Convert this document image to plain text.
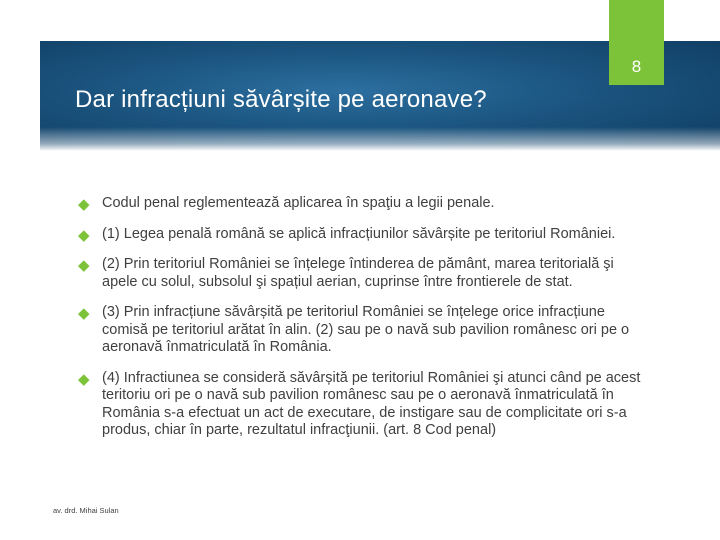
8
Dar infracțiuni săvârșite pe aeronave?
◆ Codul penal reglementează aplicarea în spaţiu a legii penale.
◆ (1) Legea penală română se aplică infracțiunilor săvârșite pe teritoriul României.
◆ (2) Prin teritoriul României se înțelege întinderea de pământ, marea teritorială şi apele cu solul, subsolul şi spațiul aerian, cuprinse între frontierele de stat.
◆ (3) Prin infracțiune săvârșită pe teritoriul României se înțelege orice infracțiune comisă pe teritoriul arătat în alin. (2) sau pe o navă sub pavilion românesc ori pe o aeronavă înmatriculată în România.
◆ (4) Infractiunea se consideră săvârșită pe teritoriul României şi atunci când pe acest teritoriu ori pe o navă sub pavilion românesc sau pe o aeronavă înmatriculată în România s-a efectuat un act de executare, de instigare sau de complicitate ori s-a produs, chiar în parte, rezultatul infracţiunii. (art. 8 Cod penal)
av. drd. Mihai Sulan
